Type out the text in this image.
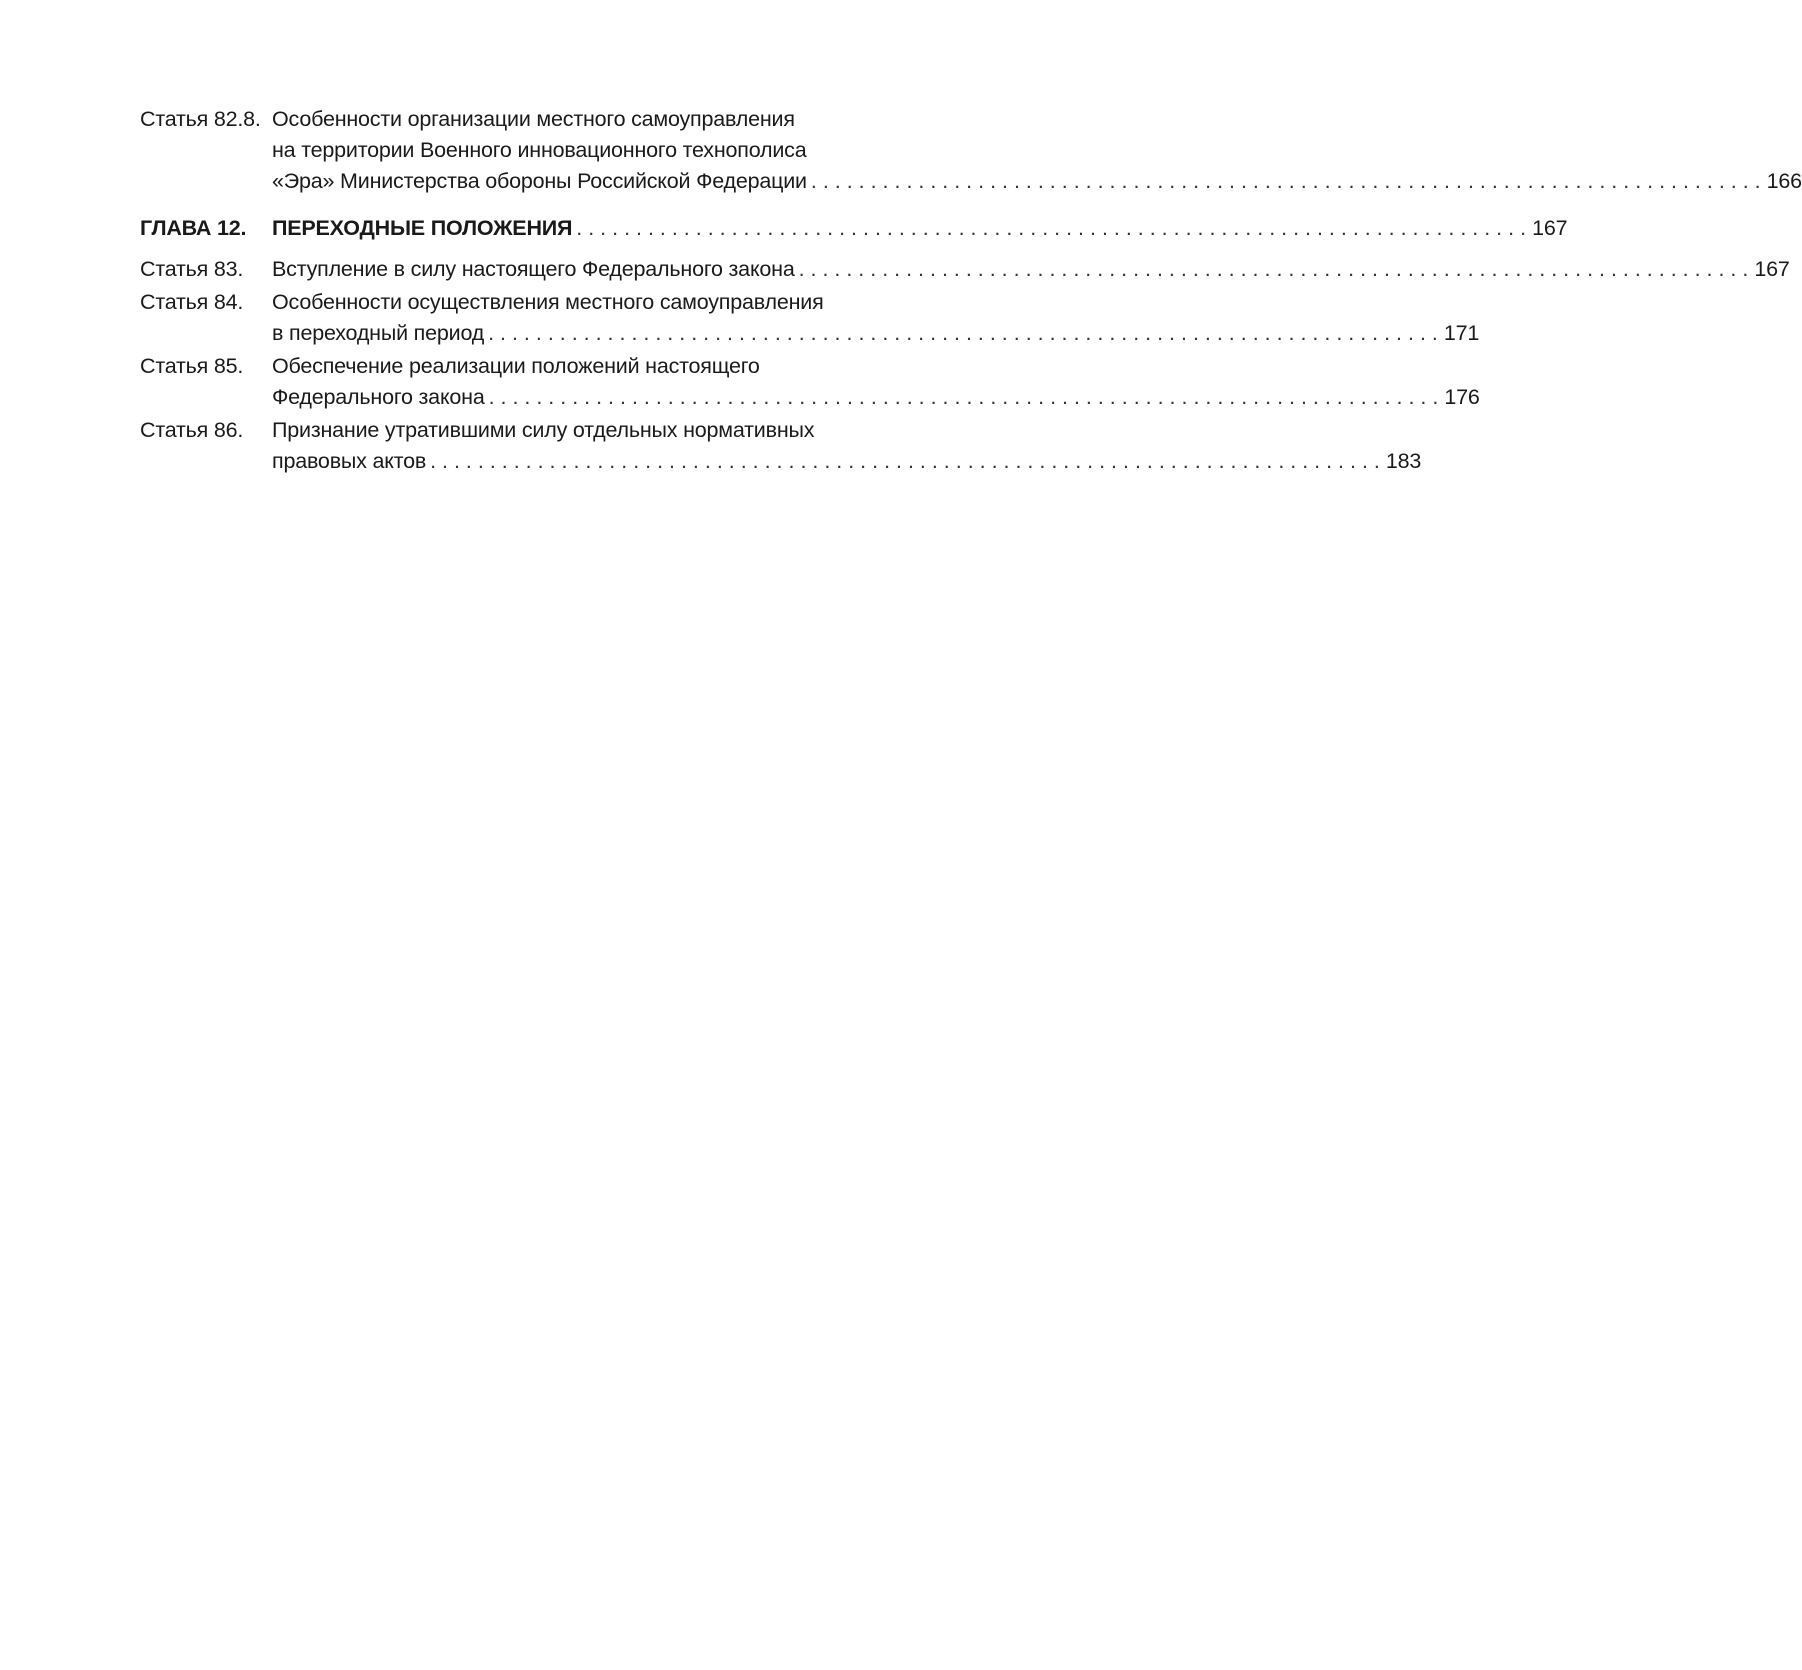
Статья 82.8. Особенности организации местного самоуправления
на территории Военного инновационного технополиса
«Эра» Министерства обороны Российской Федерации . . .	166
ГЛАВА 12.	ПЕРЕХОДНЫЕ ПОЛОЖЕНИЯ . . .	167
Статья 83.	Вступление в силу настоящего Федерального закона . . .	167
Статья 84.	Особенности осуществления местного самоуправления
в переходный период . . .	171
Статья 85.	Обеспечение реализации положений настоящего
Федерального закона . . .	176
Статья 86.	Признание утратившими силу отдельных нормативных
правовых актов . . .	183
